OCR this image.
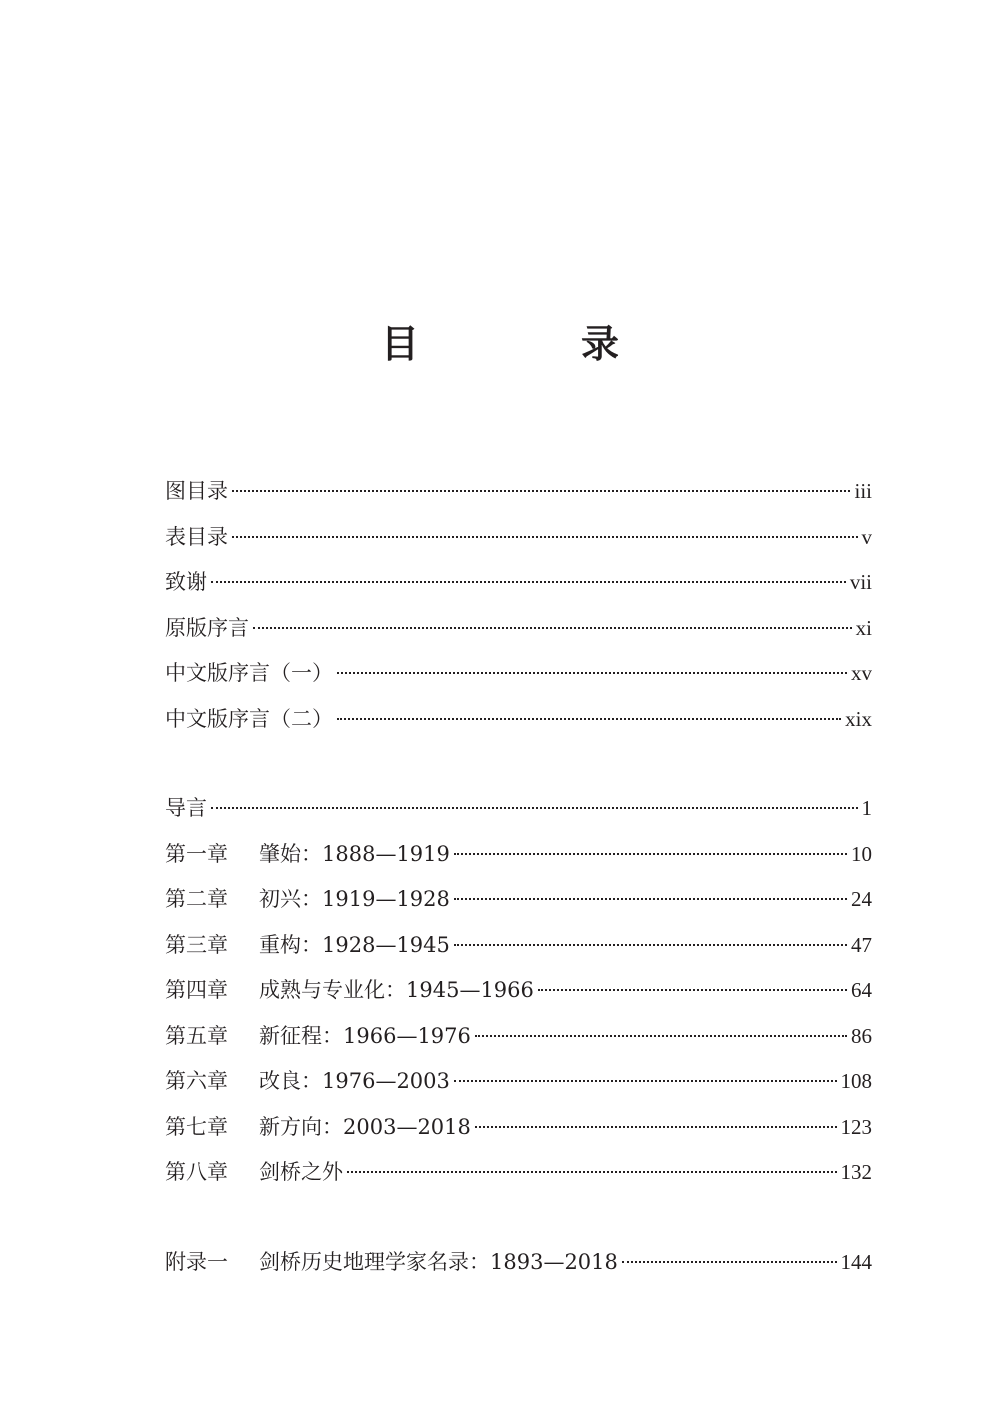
目　录
图目录	iii
表目录	v
致谢	vii
原版序言	xi
中文版序言（一）	xv
中文版序言（二）	xix
导言	1
第一章	肇始：1888—1919	10
第二章	初兴：1919—1928	24
第三章	重构：1928—1945	47
第四章	成熟与专业化：1945—1966	64
第五章	新征程：1966—1976	86
第六章	改良：1976—2003	108
第七章	新方向：2003—2018	123
第八章	剑桥之外	132
附录一	剑桥历史地理学家名录：1893—2018	144
